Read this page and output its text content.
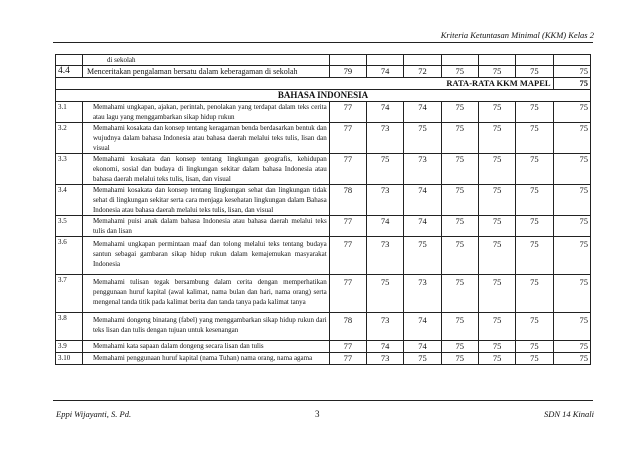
Kriteria Ketuntasan Minimal (KKM) Kelas 2
	di sekolah							
4.4	Menceritakan pengalaman bersatu dalam keberagaman di sekolah	79	74	72	75	75	75	75
RATA-RATA KKM MAPEL								75
BAHASA INDONESIA								
3.1	Memahami ungkapan, ajakan, perintah, penolakan yang terdapat dalam teks cerita atau lagu yang menggambarkan sikap hidup rukun	77	74	74	75	75	75	75
3.2	Memahami kosakata dan konsep tentang keragaman benda berdasarkan bentuk dan wujudnya dalam bahasa Indonesia atau bahasa daerah melalui teks tulis, lisan dan visual	77	73	75	75	75	75	75
3.3	Memahami kosakata dan konsep tentang lingkungan geografis, kehidupan ekonomi, sosial dan budaya di lingkungan sekitar dalam bahasa Indonesia atau bahasa daerah melalui teks tulis, lisan, dan visual	77	75	73	75	75	75	75
3.4	Memahami kosakata dan konsep tentang lingkungan sehat dan lingkungan tidak sehat di lingkungan sekitar serta cara menjaga kesehatan lingkungan dalam Bahasa Indonesia atau bahasa daerah melalui teks tulis, lisan, dan visual	78	73	74	75	75	75	75
3.5	Memahami puisi anak dalam bahasa Indonesia atau bahasa daerah melalui teks tulis dan lisan	77	74	74	75	75	75	75
3.6	Memahami ungkapan permintaan maaf dan tolong melalui teks tentang budaya santun sebagai gambaran sikap hidup rukun dalam kemajemukan masyarakat Indonesia	77	73	75	75	75	75	75
3.7	Memahami tulisan tegak bersambung dalam cerita dengan memperhatikan penggunaan huruf kapital (awal kalimat, nama bulan dan hari, nama orang) serta mengenal tanda titik pada kalimat berita dan tanda tanya pada kalimat tanya	77	75	73	75	75	75	75
3.8	Memahami dongeng binatang (fabel) yang menggambarkan sikap hidup rukun dari teks lisan dan tulis dengan tujuan untuk kesenangan	78	73	74	75	75	75	75
3.9	Memahami kata sapaan dalam dongeng secara lisan dan tulis	77	74	74	75	75	75	75
3.10	Memahami penggunaan huruf kapital (nama Tuhan) nama orang, nama agama	77	73	75	75	75	75	75
Eppi Wijayanti, S. Pd.	3	SDN 14 Kinali
